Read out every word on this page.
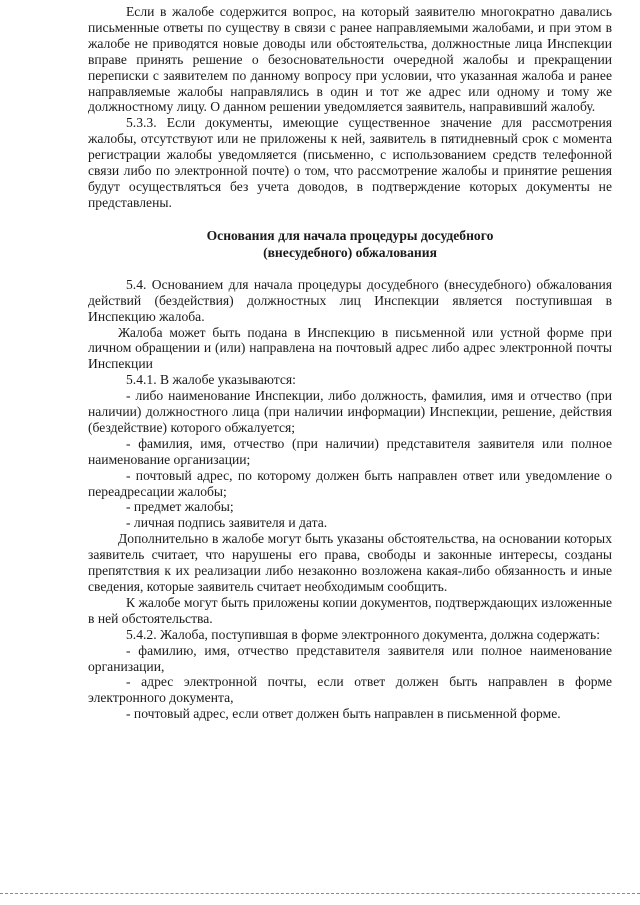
Если в жалобе содержится вопрос, на который заявителю многократно давались письменные ответы по существу в связи с ранее направляемыми жалобами, и при этом в жалобе не приводятся новые доводы или обстоятельства, должностные лица Инспекции вправе принять решение о безосновательности очередной жалобы и прекращении переписки с заявителем по данному вопросу при условии, что указанная жалоба и ранее направляемые жалобы направлялись в один и тот же адрес или одному и тому же должностному лицу. О данном решении уведомляется заявитель, направивший жалобу.

5.3.3. Если документы, имеющие существенное значение для рассмотрения жалобы, отсутствуют или не приложены к ней, заявитель в пятидневный срок с момента регистрации жалобы уведомляется (письменно, с использованием средств телефонной связи либо по электронной почте) о том, что рассмотрение жалобы и принятие решения будут осуществляться без учета доводов, в подтверждение которых документы не представлены.

Основания для начала процедуры досудебного

(внесудебного) обжалования

5.4. Основанием для начала процедуры досудебного (внесудебного) обжалования действий (бездействия) должностных лиц Инспекции является поступившая в Инспекцию жалоба.

Жалоба может быть подана в Инспекцию в письменной или устной форме при личном обращении и (или) направлена на почтовый адрес либо адрес электронной почты Инспекции

5.4.1. В жалобе указываются:

- либо наименование Инспекции, либо должность, фамилия, имя и отчество (при наличии) должностного лица (при наличии информации) Инспекции, решение, действия (бездействие) которого обжалуется;

- фамилия, имя, отчество (при наличии) представителя заявителя или полное наименование организации;

- почтовый адрес, по которому должен быть направлен ответ или уведомление о переадресации жалобы;

- предмет жалобы;

- личная подпись заявителя и дата.

Дополнительно в жалобе могут быть указаны обстоятельства, на основании которых заявитель считает, что нарушены его права, свободы и законные интересы, созданы препятствия к их реализации либо незаконно возложена какая-либо обязанность и иные сведения, которые заявитель считает необходимым сообщить.

К жалобе могут быть приложены копии документов, подтверждающих изложенные в ней обстоятельства.

5.4.2. Жалоба, поступившая в форме электронного документа, должна содержать:

- фамилию, имя, отчество представителя заявителя или полное наименование организации,

- адрес электронной почты, если ответ должен быть направлен в форме электронного документа,

- почтовый адрес, если ответ должен быть направлен в письменной форме.
